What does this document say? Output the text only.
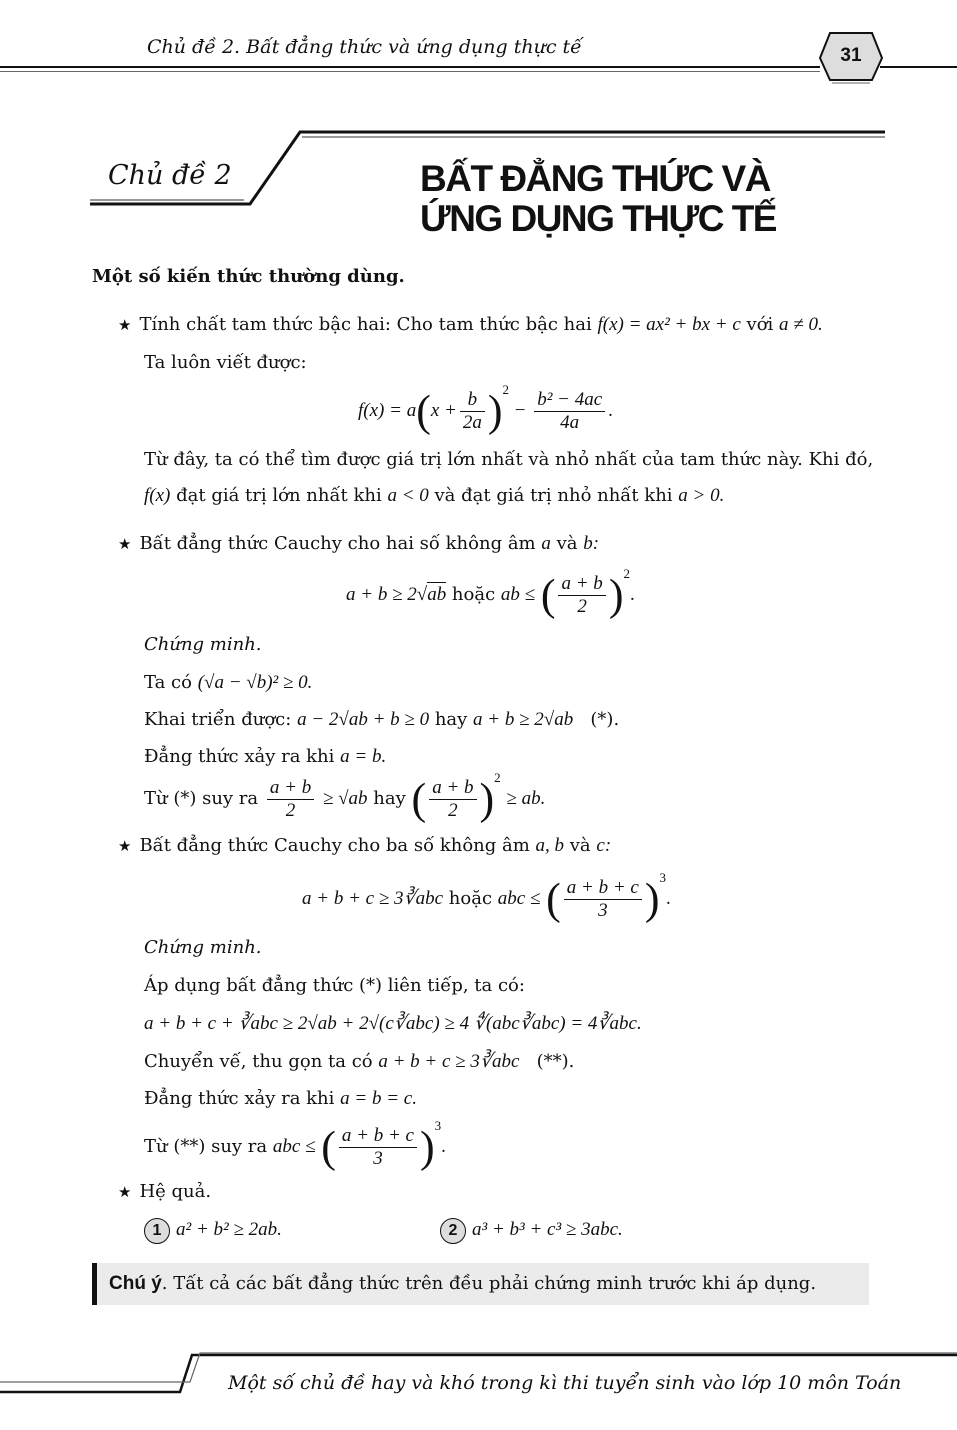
Chủ đề 2. Bất đẳng thức và ứng dụng thực tế	31
Chủ đề 2	BẤT ĐẲNG THỨC VÀ
ỨNG DỤNG THỰC TẾ
Một số kiến thức thường dùng.
★ Tính chất tam thức bậc hai: Cho tam thức bậc hai f(x) = ax² + bx + c với a ≠ 0.
Ta luôn viết được:
$f(x) = a(x + \frac{b}{2a} )^2 - \frac{\text{b² − 4ac}}{4a}$ .
Từ đây, ta có thể tìm được giá trị lớn nhất và nhỏ nhất của tam thức này. Khi đó,
f(x) đạt giá trị lớn nhất khi a < 0 và đạt giá trị nhỏ nhất khi a > 0.
★ Bất đẳng thức Cauchy cho hai số không âm a và b:
a + b ≥ 2√ab hoặc ab ≤ ( $\frac{a + b}{2} )^2$.
Chứng minh.
Ta có (√a − √b)² ≥ 0.
Khai triển được: a − 2√ab + b ≥ 0 hay a + b ≥ 2√ab (*).
Đẳng thức xảy ra khi a = b.
Từ (*) suy ra $\frac{a + b}{2} \ge √ab$ hay ( $\frac{a + b}{2} )^2$ ≥ ab.
★ Bất đẳng thức Cauchy cho ba số không âm a, b và c:
a + b + c ≥ 3∛abc hoặc abc ≤ ( $\frac{a + b + c}{3} )^3$.
Chứng minh.
Áp dụng bất đẳng thức (*) liên tiếp, ta có:
a + b + c + ∛abc ≥ 2√ab + 2√(c∛abc) ≥ 4 ∜(abc∛abc) = 4∛abc.
Chuyển vế, thu gọn ta có a + b + c ≥ 3∛abc (**).
Đẳng thức xảy ra khi a = b = c.
Từ (**) suy ra abc ≤ ( $\frac{a + b + c}{3} )^3$.
★ Hệ quả.
1 a² + b² ≥ 2ab.	2 a³ + b³ + c³ ≥ 3abc.
Chú ý. Tất cả các bất đẳng thức trên đều phải chứng minh trước khi áp dụng.
Một số chủ đề hay và khó trong kì thi tuyển sinh vào lớp 10 môn Toán
